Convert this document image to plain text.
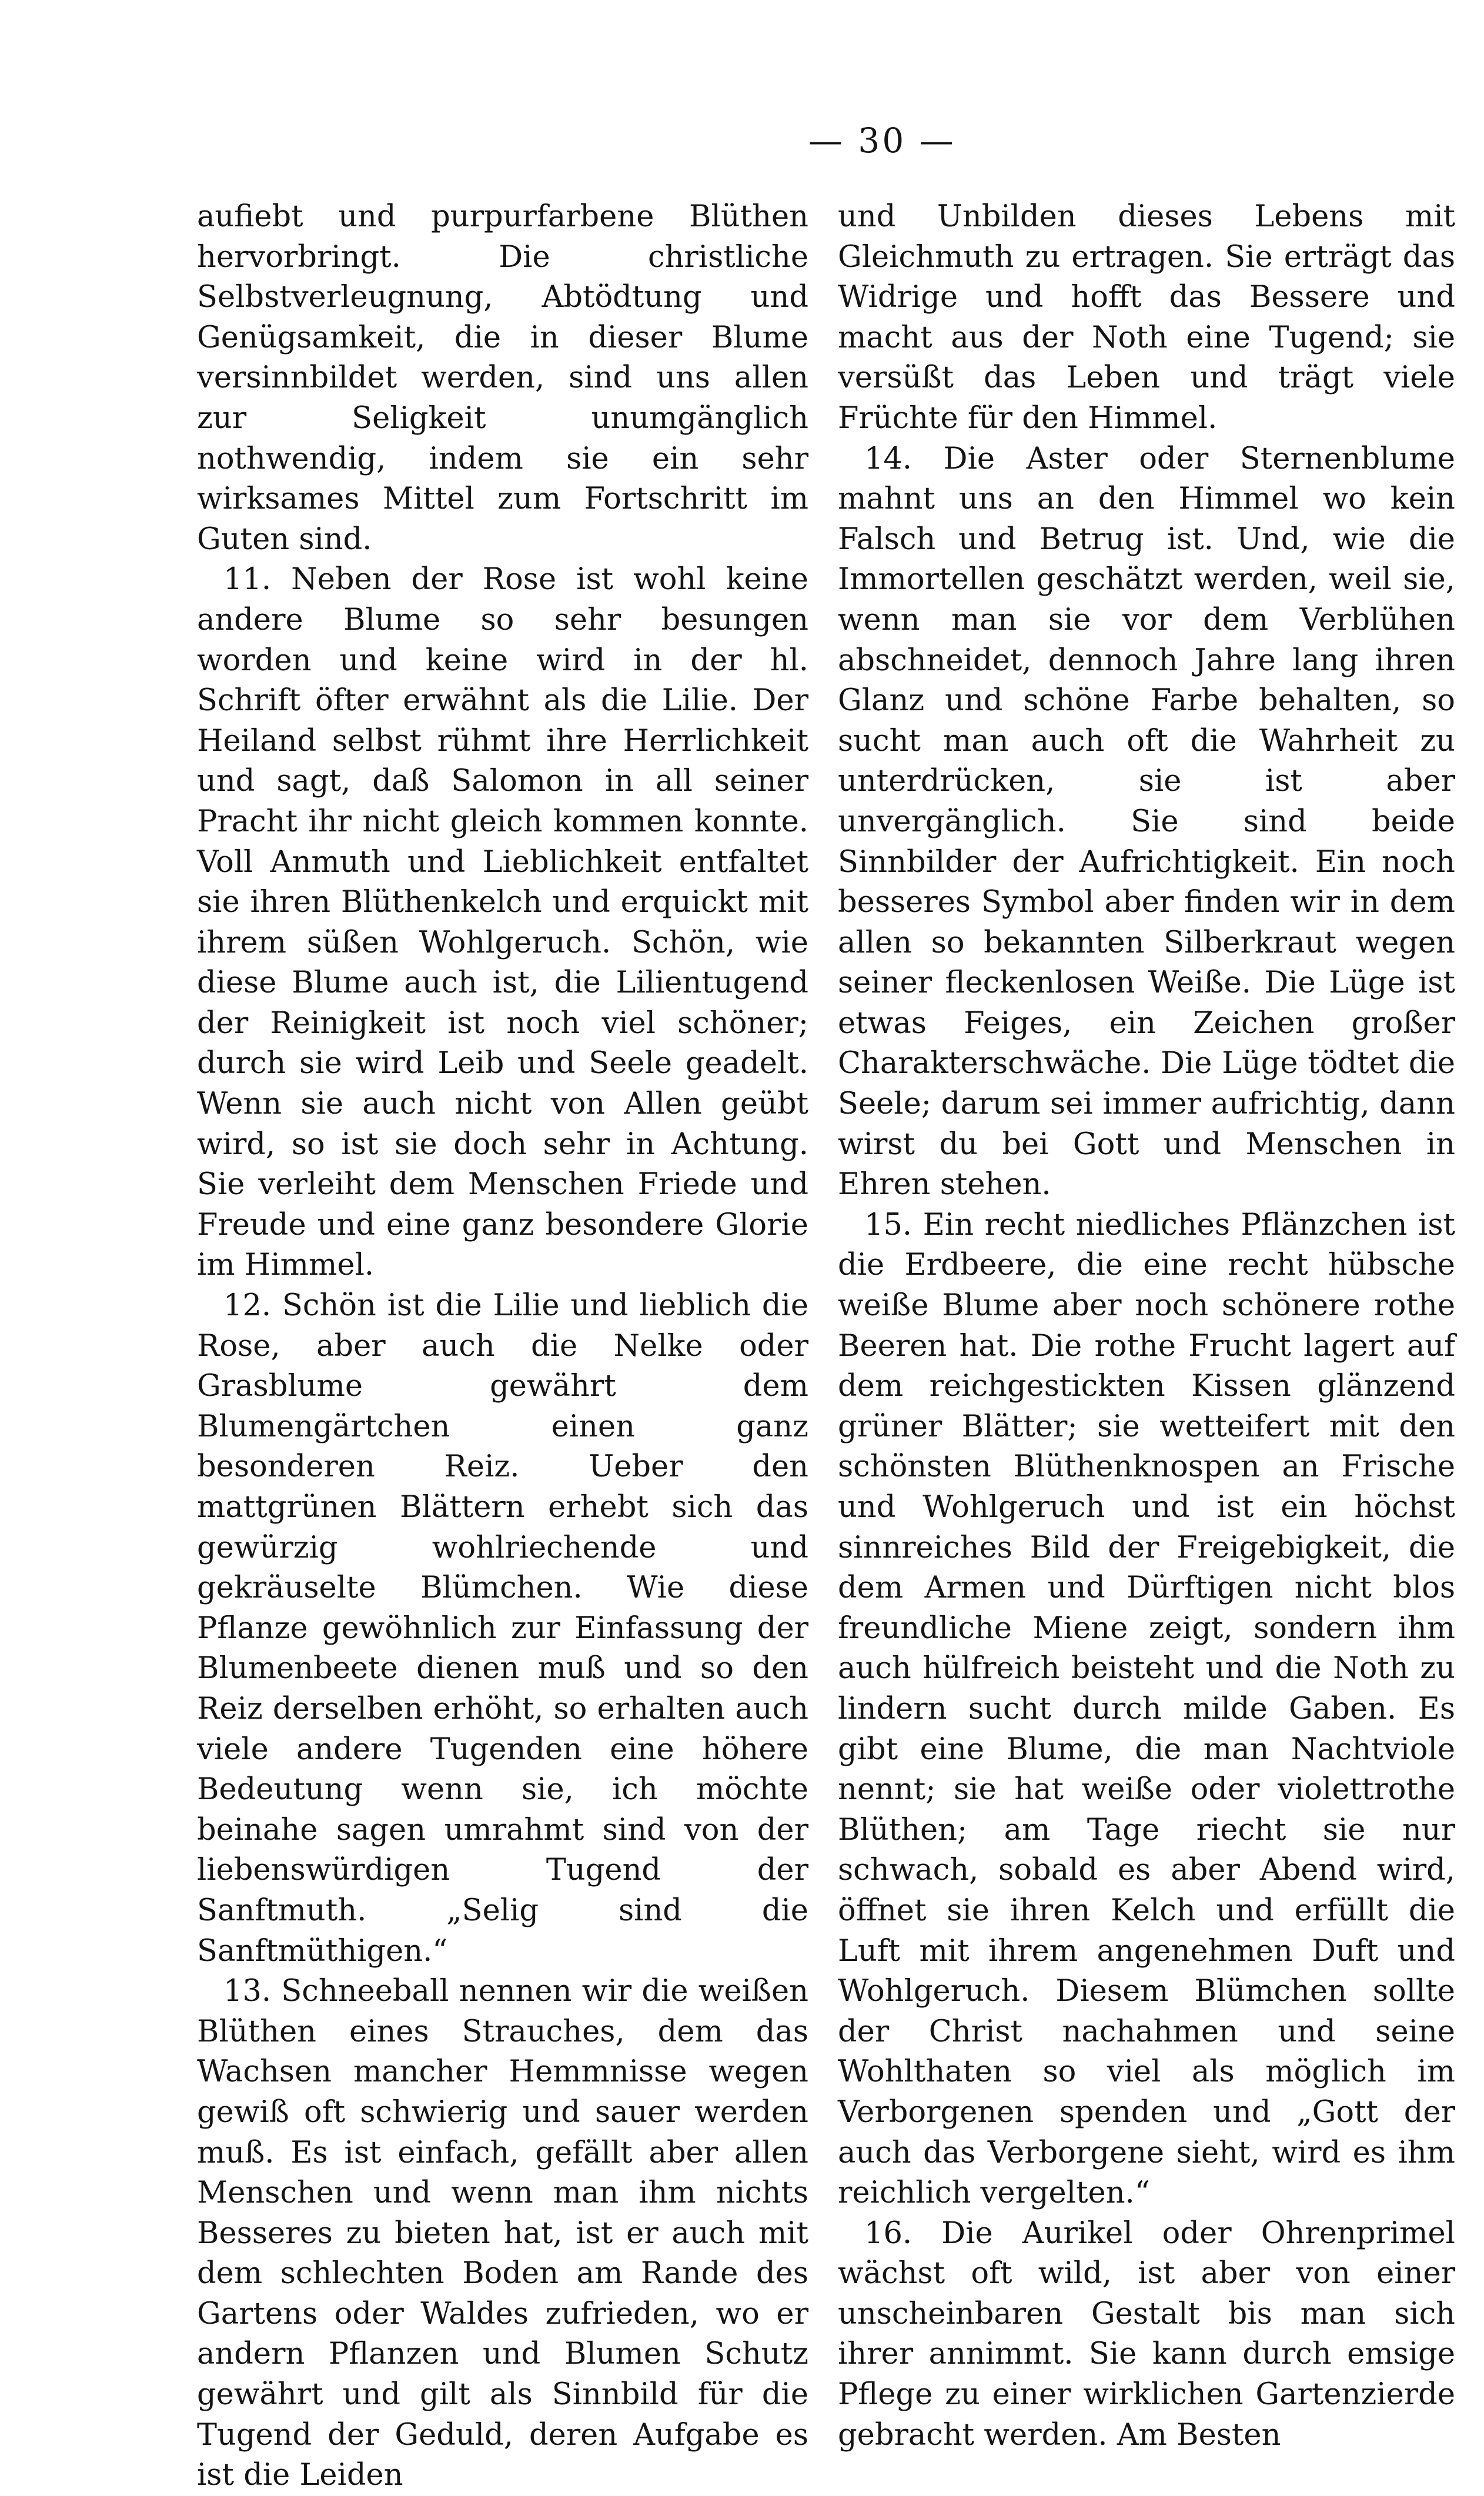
— 30 —

aufiebt und purpurfarbene Blüthen hervorbringt. Die christliche Selbstverleugnung, Abtödtung und Genügsamkeit, die in dieser Blume versinnbildet werden, sind uns allen zur Seligkeit unumgänglich nothwendig, indem sie ein sehr wirksames Mittel zum Fortschritt im Guten sind.

11. Neben der Rose ist wohl keine andere Blume so sehr besungen worden und keine wird in der hl. Schrift öfter erwähnt als die Lilie. Der Heiland selbst rühmt ihre Herrlichkeit und sagt, daß Salomon in all seiner Pracht ihr nicht gleich kommen konnte. Voll Anmuth und Lieblichkeit entfaltet sie ihren Blüthenkelch und erquickt mit ihrem süßen Wohlgeruch. Schön, wie diese Blume auch ist, die Lilientugend der Reinigkeit ist noch viel schöner; durch sie wird Leib und Seele geadelt. Wenn sie auch nicht von Allen geübt wird, so ist sie doch sehr in Achtung. Sie verleiht dem Menschen Friede und Freude und eine ganz besondere Glorie im Himmel.

12. Schön ist die Lilie und lieblich die Rose, aber auch die Nelke oder Grasblume gewährt dem Blumengärtchen einen ganz besonderen Reiz. Ueber den mattgrünen Blättern erhebt sich das gewürzig wohlriechende und gekräuselte Blümchen. Wie diese Pflanze gewöhnlich zur Einfassung der Blumenbeete dienen muß und so den Reiz derselben erhöht, so erhalten auch viele andere Tugenden eine höhere Bedeutung wenn sie, ich möchte beinahe sagen umrahmt sind von der liebenswürdigen Tugend der Sanftmuth. „Selig sind die Sanftmüthigen.“

13. Schneeball nennen wir die weißen Blüthen eines Strauches, dem das Wachsen mancher Hemmnisse wegen gewiß oft schwierig und sauer werden muß. Es ist einfach, gefällt aber allen Menschen und wenn man ihm nichts Besseres zu bieten hat, ist er auch mit dem schlechten Boden am Rande des Gartens oder Waldes zufrieden, wo er andern Pflanzen und Blumen Schutz gewährt und gilt als Sinnbild für die Tugend der Geduld, deren Aufgabe es ist die Leiden

und Unbilden dieses Lebens mit Gleichmuth zu ertragen. Sie erträgt das Widrige und hofft das Bessere und macht aus der Noth eine Tugend; sie versüßt das Leben und trägt viele Früchte für den Himmel.

14. Die Aster oder Sternenblume mahnt uns an den Himmel wo kein Falsch und Betrug ist. Und, wie die Immortellen geschätzt werden, weil sie, wenn man sie vor dem Verblühen abschneidet, dennoch Jahre lang ihren Glanz und schöne Farbe behalten, so sucht man auch oft die Wahrheit zu unterdrücken, sie ist aber unvergänglich. Sie sind beide Sinnbilder der Aufrichtigkeit. Ein noch besseres Symbol aber finden wir in dem allen so bekannten Silberkraut wegen seiner fleckenlosen Weiße. Die Lüge ist etwas Feiges, ein Zeichen großer Charakterschwäche. Die Lüge tödtet die Seele; darum sei immer aufrichtig, dann wirst du bei Gott und Menschen in Ehren stehen.

15. Ein recht niedliches Pflänzchen ist die Erdbeere, die eine recht hübsche weiße Blume aber noch schönere rothe Beeren hat. Die rothe Frucht lagert auf dem reichgestickten Kissen glänzend grüner Blätter; sie wetteifert mit den schönsten Blüthenknospen an Frische und Wohlgeruch und ist ein höchst sinnreiches Bild der Freigebigkeit, die dem Armen und Dürftigen nicht blos freundliche Miene zeigt, sondern ihm auch hülfreich beisteht und die Noth zu lindern sucht durch milde Gaben. Es gibt eine Blume, die man Nachtviole nennt; sie hat weiße oder violettrothe Blüthen; am Tage riecht sie nur schwach, sobald es aber Abend wird, öffnet sie ihren Kelch und erfüllt die Luft mit ihrem angenehmen Duft und Wohlgeruch. Diesem Blümchen sollte der Christ nachahmen und seine Wohlthaten so viel als möglich im Verborgenen spenden und „Gott der auch das Verborgene sieht, wird es ihm reichlich vergelten.“

16. Die Aurikel oder Ohrenprimel wächst oft wild, ist aber von einer unscheinbaren Gestalt bis man sich ihrer annimmt. Sie kann durch emsige Pflege zu einer wirklichen Gartenzierde gebracht werden. Am Besten
